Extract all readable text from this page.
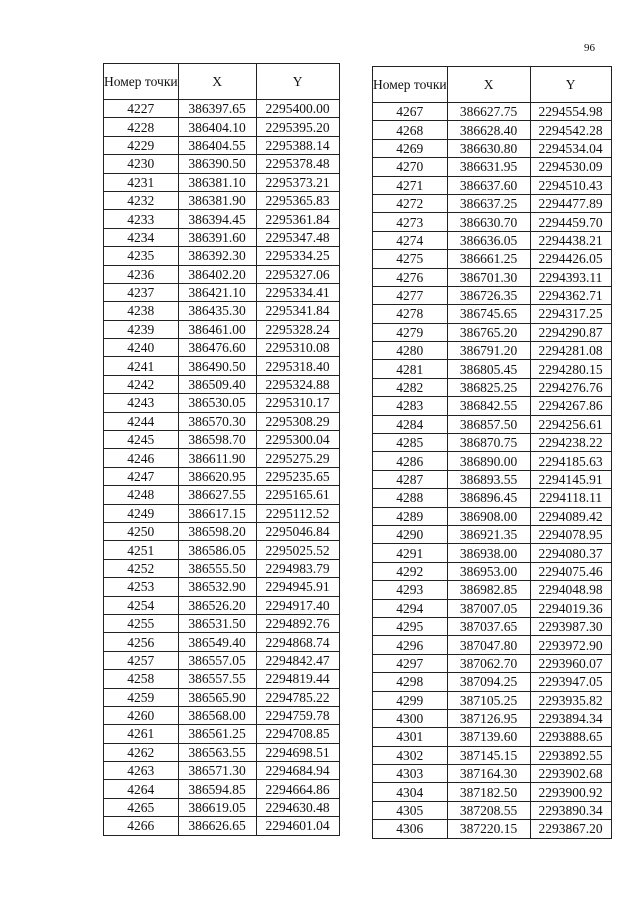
96
Номер точки	X	Y
4227	386397.65	2295400.00
4228	386404.10	2295395.20
4229	386404.55	2295388.14
4230	386390.50	2295378.48
4231	386381.10	2295373.21
4232	386381.90	2295365.83
4233	386394.45	2295361.84
4234	386391.60	2295347.48
4235	386392.30	2295334.25
4236	386402.20	2295327.06
4237	386421.10	2295334.41
4238	386435.30	2295341.84
4239	386461.00	2295328.24
4240	386476.60	2295310.08
4241	386490.50	2295318.40
4242	386509.40	2295324.88
4243	386530.05	2295310.17
4244	386570.30	2295308.29
4245	386598.70	2295300.04
4246	386611.90	2295275.29
4247	386620.95	2295235.65
4248	386627.55	2295165.61
4249	386617.15	2295112.52
4250	386598.20	2295046.84
4251	386586.05	2295025.52
4252	386555.50	2294983.79
4253	386532.90	2294945.91
4254	386526.20	2294917.40
4255	386531.50	2294892.76
4256	386549.40	2294868.74
4257	386557.05	2294842.47
4258	386557.55	2294819.44
4259	386565.90	2294785.22
4260	386568.00	2294759.78
4261	386561.25	2294708.85
4262	386563.55	2294698.51
4263	386571.30	2294684.94
4264	386594.85	2294664.86
4265	386619.05	2294630.48
4266	386626.65	2294601.04
Номер точки	X	Y
4267	386627.75	2294554.98
4268	386628.40	2294542.28
4269	386630.80	2294534.04
4270	386631.95	2294530.09
4271	386637.60	2294510.43
4272	386637.25	2294477.89
4273	386630.70	2294459.70
4274	386636.05	2294438.21
4275	386661.25	2294426.05
4276	386701.30	2294393.11
4277	386726.35	2294362.71
4278	386745.65	2294317.25
4279	386765.20	2294290.87
4280	386791.20	2294281.08
4281	386805.45	2294280.15
4282	386825.25	2294276.76
4283	386842.55	2294267.86
4284	386857.50	2294256.61
4285	386870.75	2294238.22
4286	386890.00	2294185.63
4287	386893.55	2294145.91
4288	386896.45	2294118.11
4289	386908.00	2294089.42
4290	386921.35	2294078.95
4291	386938.00	2294080.37
4292	386953.00	2294075.46
4293	386982.85	2294048.98
4294	387007.05	2294019.36
4295	387037.65	2293987.30
4296	387047.80	2293972.90
4297	387062.70	2293960.07
4298	387094.25	2293947.05
4299	387105.25	2293935.82
4300	387126.95	2293894.34
4301	387139.60	2293888.65
4302	387145.15	2293892.55
4303	387164.30	2293902.68
4304	387182.50	2293900.92
4305	387208.55	2293890.34
4306	387220.15	2293867.20
